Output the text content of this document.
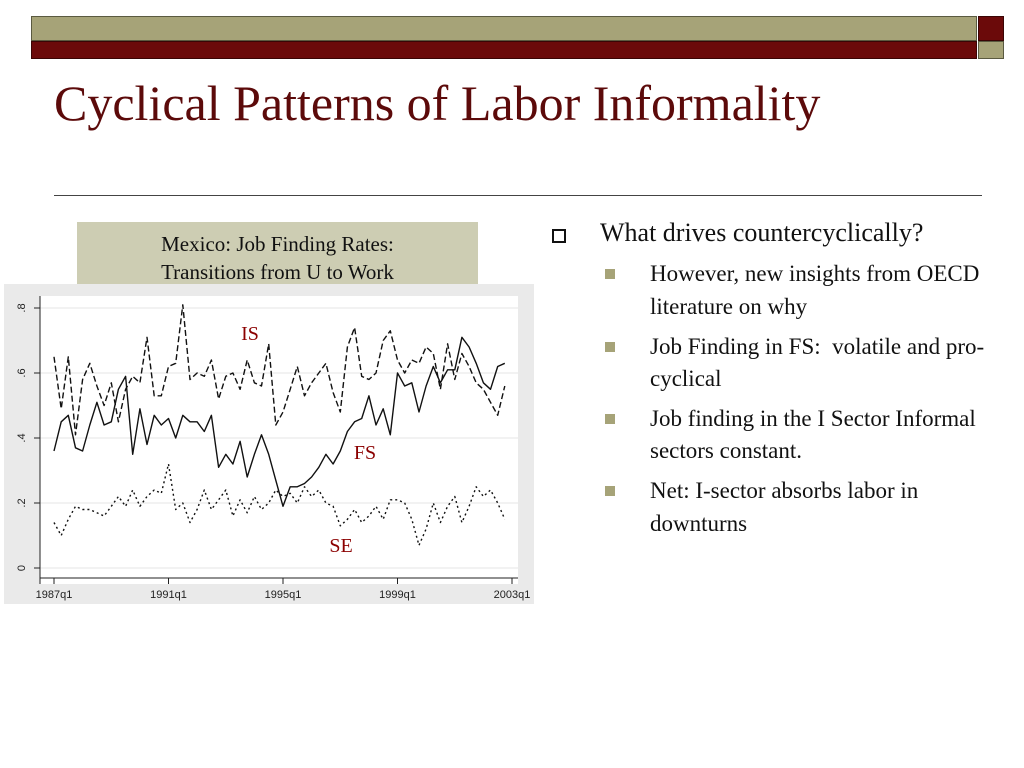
Cyclical Patterns of Labor Informality
Mexico: Job Finding Rates:
Transitions from U to Work
0
.2
.4
.6
.8
1987q1	1991q1	1995q1	1999q1	2003q1
IS
FS
SE
What drives countercyclically?
However, new insights from OECD literature on why
Job Finding in FS:  volatile and pro-cyclical
Job finding in the I Sector Informal sectors constant.
Net: I-sector absorbs labor in downturns
